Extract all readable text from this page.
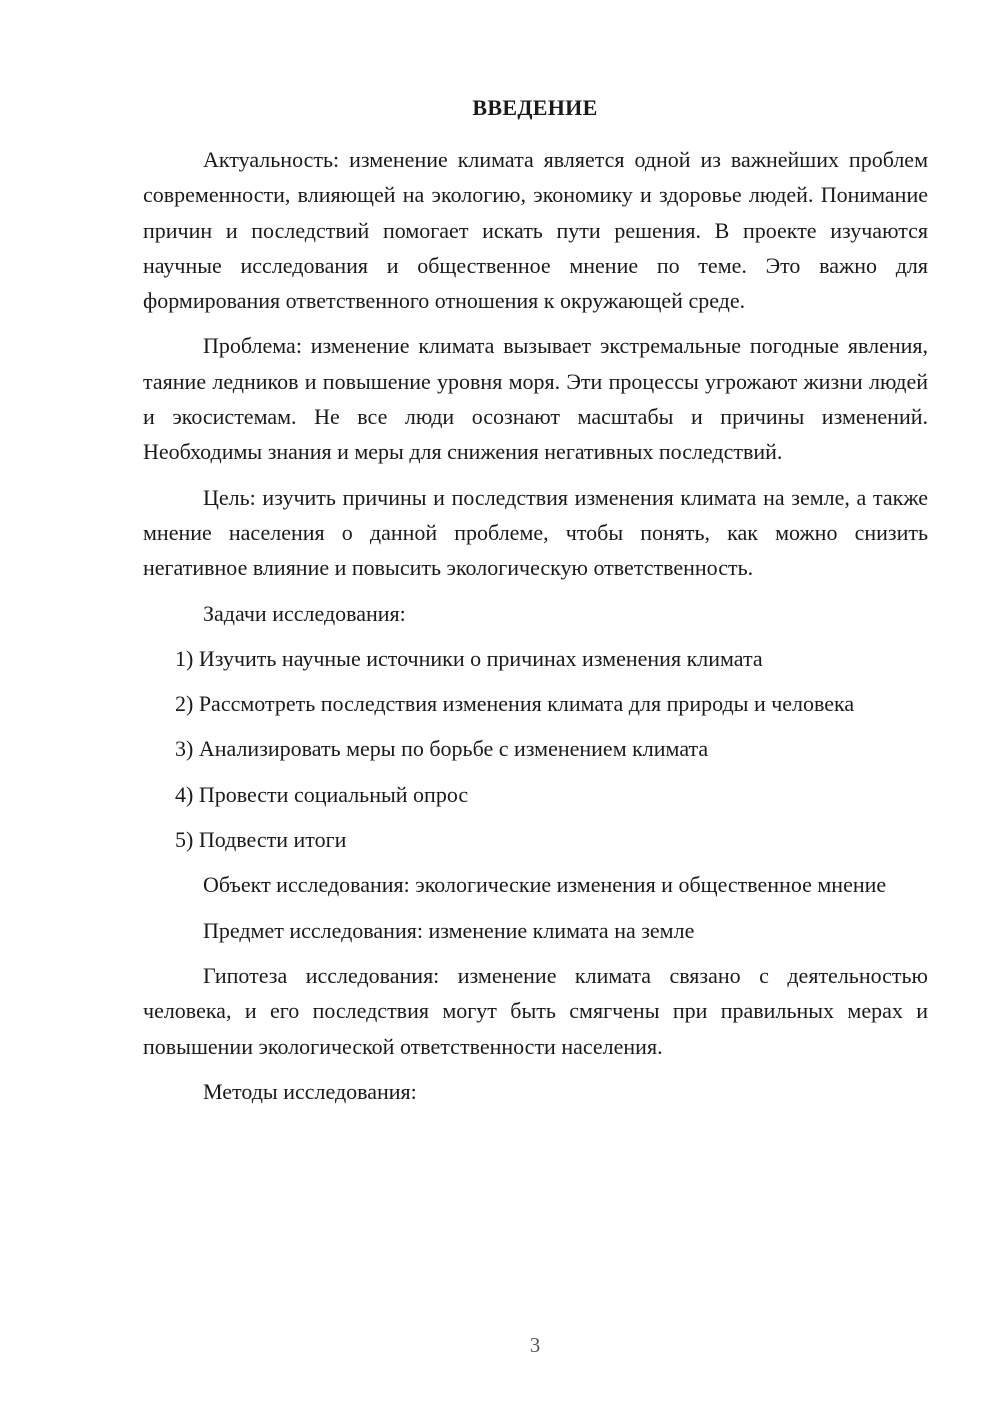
ВВЕДЕНИЕ

Актуальность: изменение климата является одной из важнейших проблем современности, влияющей на экологию, экономику и здоровье людей. Понимание причин и последствий помогает искать пути решения. В проекте изучаются научные исследования и общественное мнение по теме. Это важно для формирования ответственного отношения к окружающей среде.

Проблема: изменение климата вызывает экстремальные погодные явления, таяние ледников и повышение уровня моря. Эти процессы угрожают жизни людей и экосистемам. Не все люди осознают масштабы и причины изменений. Необходимы знания и меры для снижения негативных последствий.

Цель: изучить причины и последствия изменения климата на земле, а также мнение населения о данной проблеме, чтобы понять, как можно снизить негативное влияние и повысить экологическую ответственность.

Задачи исследования:

1) Изучить научные источники о причинах изменения климата

2) Рассмотреть последствия изменения климата для природы и человека

3) Анализировать меры по борьбе с изменением климата

4) Провести социальный опрос

5) Подвести итоги

Объект исследования: экологические изменения и общественное мнение

Предмет исследования: изменение климата на земле

Гипотеза исследования: изменение климата связано с деятельностью человека, и его последствия могут быть смягчены при правильных мерах и повышении экологической ответственности населения.

Методы исследования:

3
